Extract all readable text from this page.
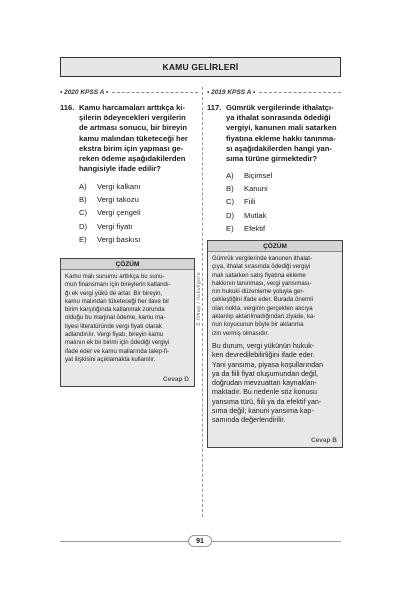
KAMU GELİRLERİ
• 2020 KPSS A •	• 2019 KPSS A •
S.Ilmap / hukukgoru
116. Kamu harcamaları arttıkça ki-
şilerin ödeyecekleri vergilerin
de artması sonucu, bir bireyin
kamu malından tüketeceği her
ekstra birim için yapması ge-
reken ödeme aşağıdakilerden
hangisiyle ifade edilir?
A)	Vergi kalkanı
B)	Vergi takozu
C)	Vergi çengeli
D)	Vergi fiyatı
E)	Vergi baskısı
ÇÖZÜM
Kamu malı sunumu arttıkça bu sunu-
mun finansmanı için bireylerin katlandı-
ğı ek vergi yükü de artar. Bir bireyin,
kamu malından tüketeceği her ilave bir
birim karşılığında katlanmak zorunda
olduğu bu marjinal ödeme, kamu ma-
liyesi literatüründe vergi fiyatı olarak
adlandırılır. Vergi fiyatı, bireyin kamu
malının ek bir birimi için ödediği vergiyi
ifade eder ve kamu mallarında talep-fi-
yat ilişkisini açıklamakta kullanılır.
Cevap D
117. Gümrük vergilerinde ithalatçı-
ya ithalat sonrasında ödediği
vergiyi, kanunen mali satarken
fiyatına ekleme hakkı tanınma-
sı aşağıdakilerden hangi yan-
sıma türüne girmektedir?
A)	Biçimsel
B)	Kanuni
C)	Fiili
D)	Mutlak
E)	Efektif
ÇÖZÜM
Gümrük vergilerinde kanunen ithalat-
çıya, ithalat sırasında ödediği vergiyi
malı satarken satış fiyatına ekleme
hakkının tanınması, vergi yansıması-
nın hukuki düzenleme yoluyla ger-
çekleştiğini ifade eder. Burada önemli
olan nokta, verginin gerçekten alıcıya
aktarılıp aktarılmadığından ziyade, ka-
nun koyucunun böyle bir aktarıma
izin vermiş olmasıdır.
Bu durum, vergi yükünün hukuk-
ken devredilebilirliğini ifade eder.
Yani yansıma, piyasa koşullarından
ya da fiili fiyat oluşumundan değil,
doğrudan mevzuattan kaynaklan-
maktadır. Bu nedenle söz konusu
yansıma türü, fiili ya da efektif yan-
sıma değil; kanuni yansıma kap-
samında değerlendirilir.
Cevap B
91
